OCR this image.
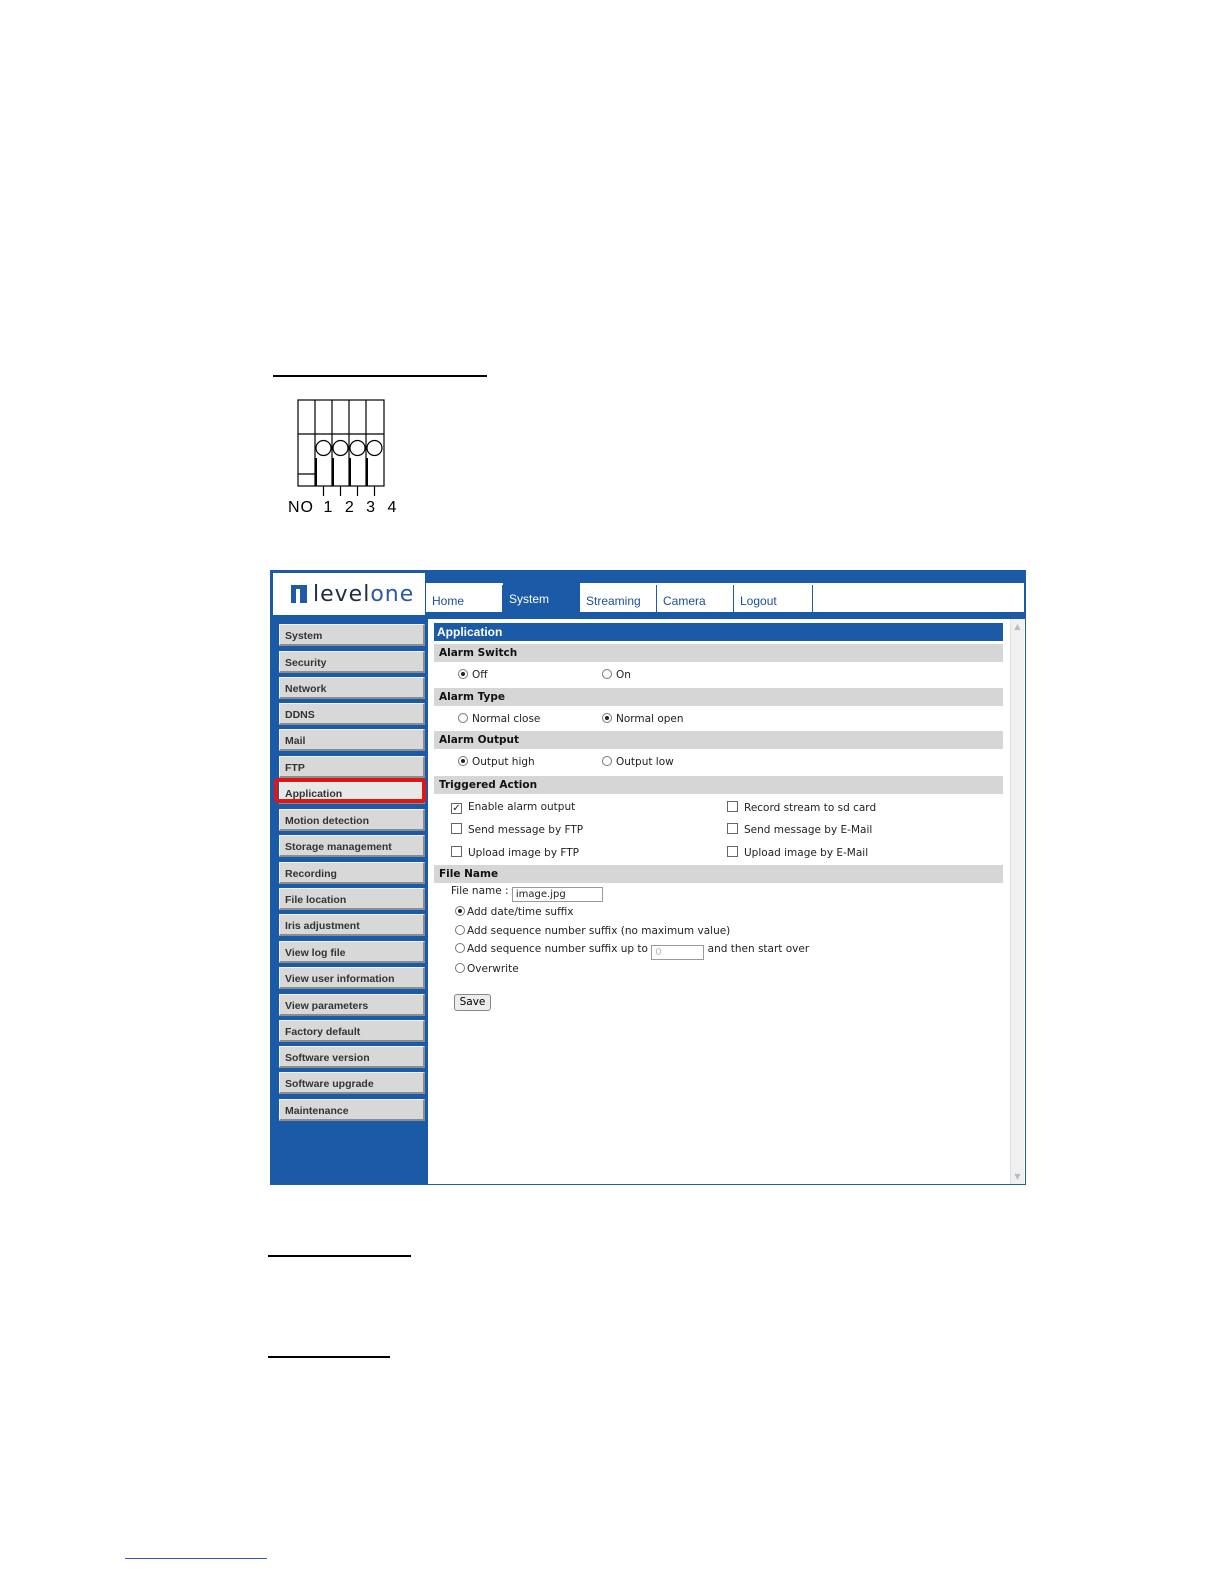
NO 1 2 3 4
levelone	Home	System	Streaming	Camera	Logout
System
Security
Network
DDNS
Mail
FTP
Application
Motion detection
Storage management
Recording
File location
Iris adjustment
View log file
View user information
View parameters
Factory default
Software version
Software upgrade
Maintenance
Application
Alarm Switch
Off	On
Alarm Type
Normal close	Normal open
Alarm Output
Output high	Output low
Triggered Action
✓ Enable alarm output	Record stream to sd card
Send message by FTP	Send message by E-Mail
Upload image by FTP	Upload image by E-Mail
File Name
File name : image.jpg
Add date/time suffix
Add sequence number suffix (no maximum value)
Add sequence number suffix up to 0	and then start over
Overwrite
Save
▲
▼
